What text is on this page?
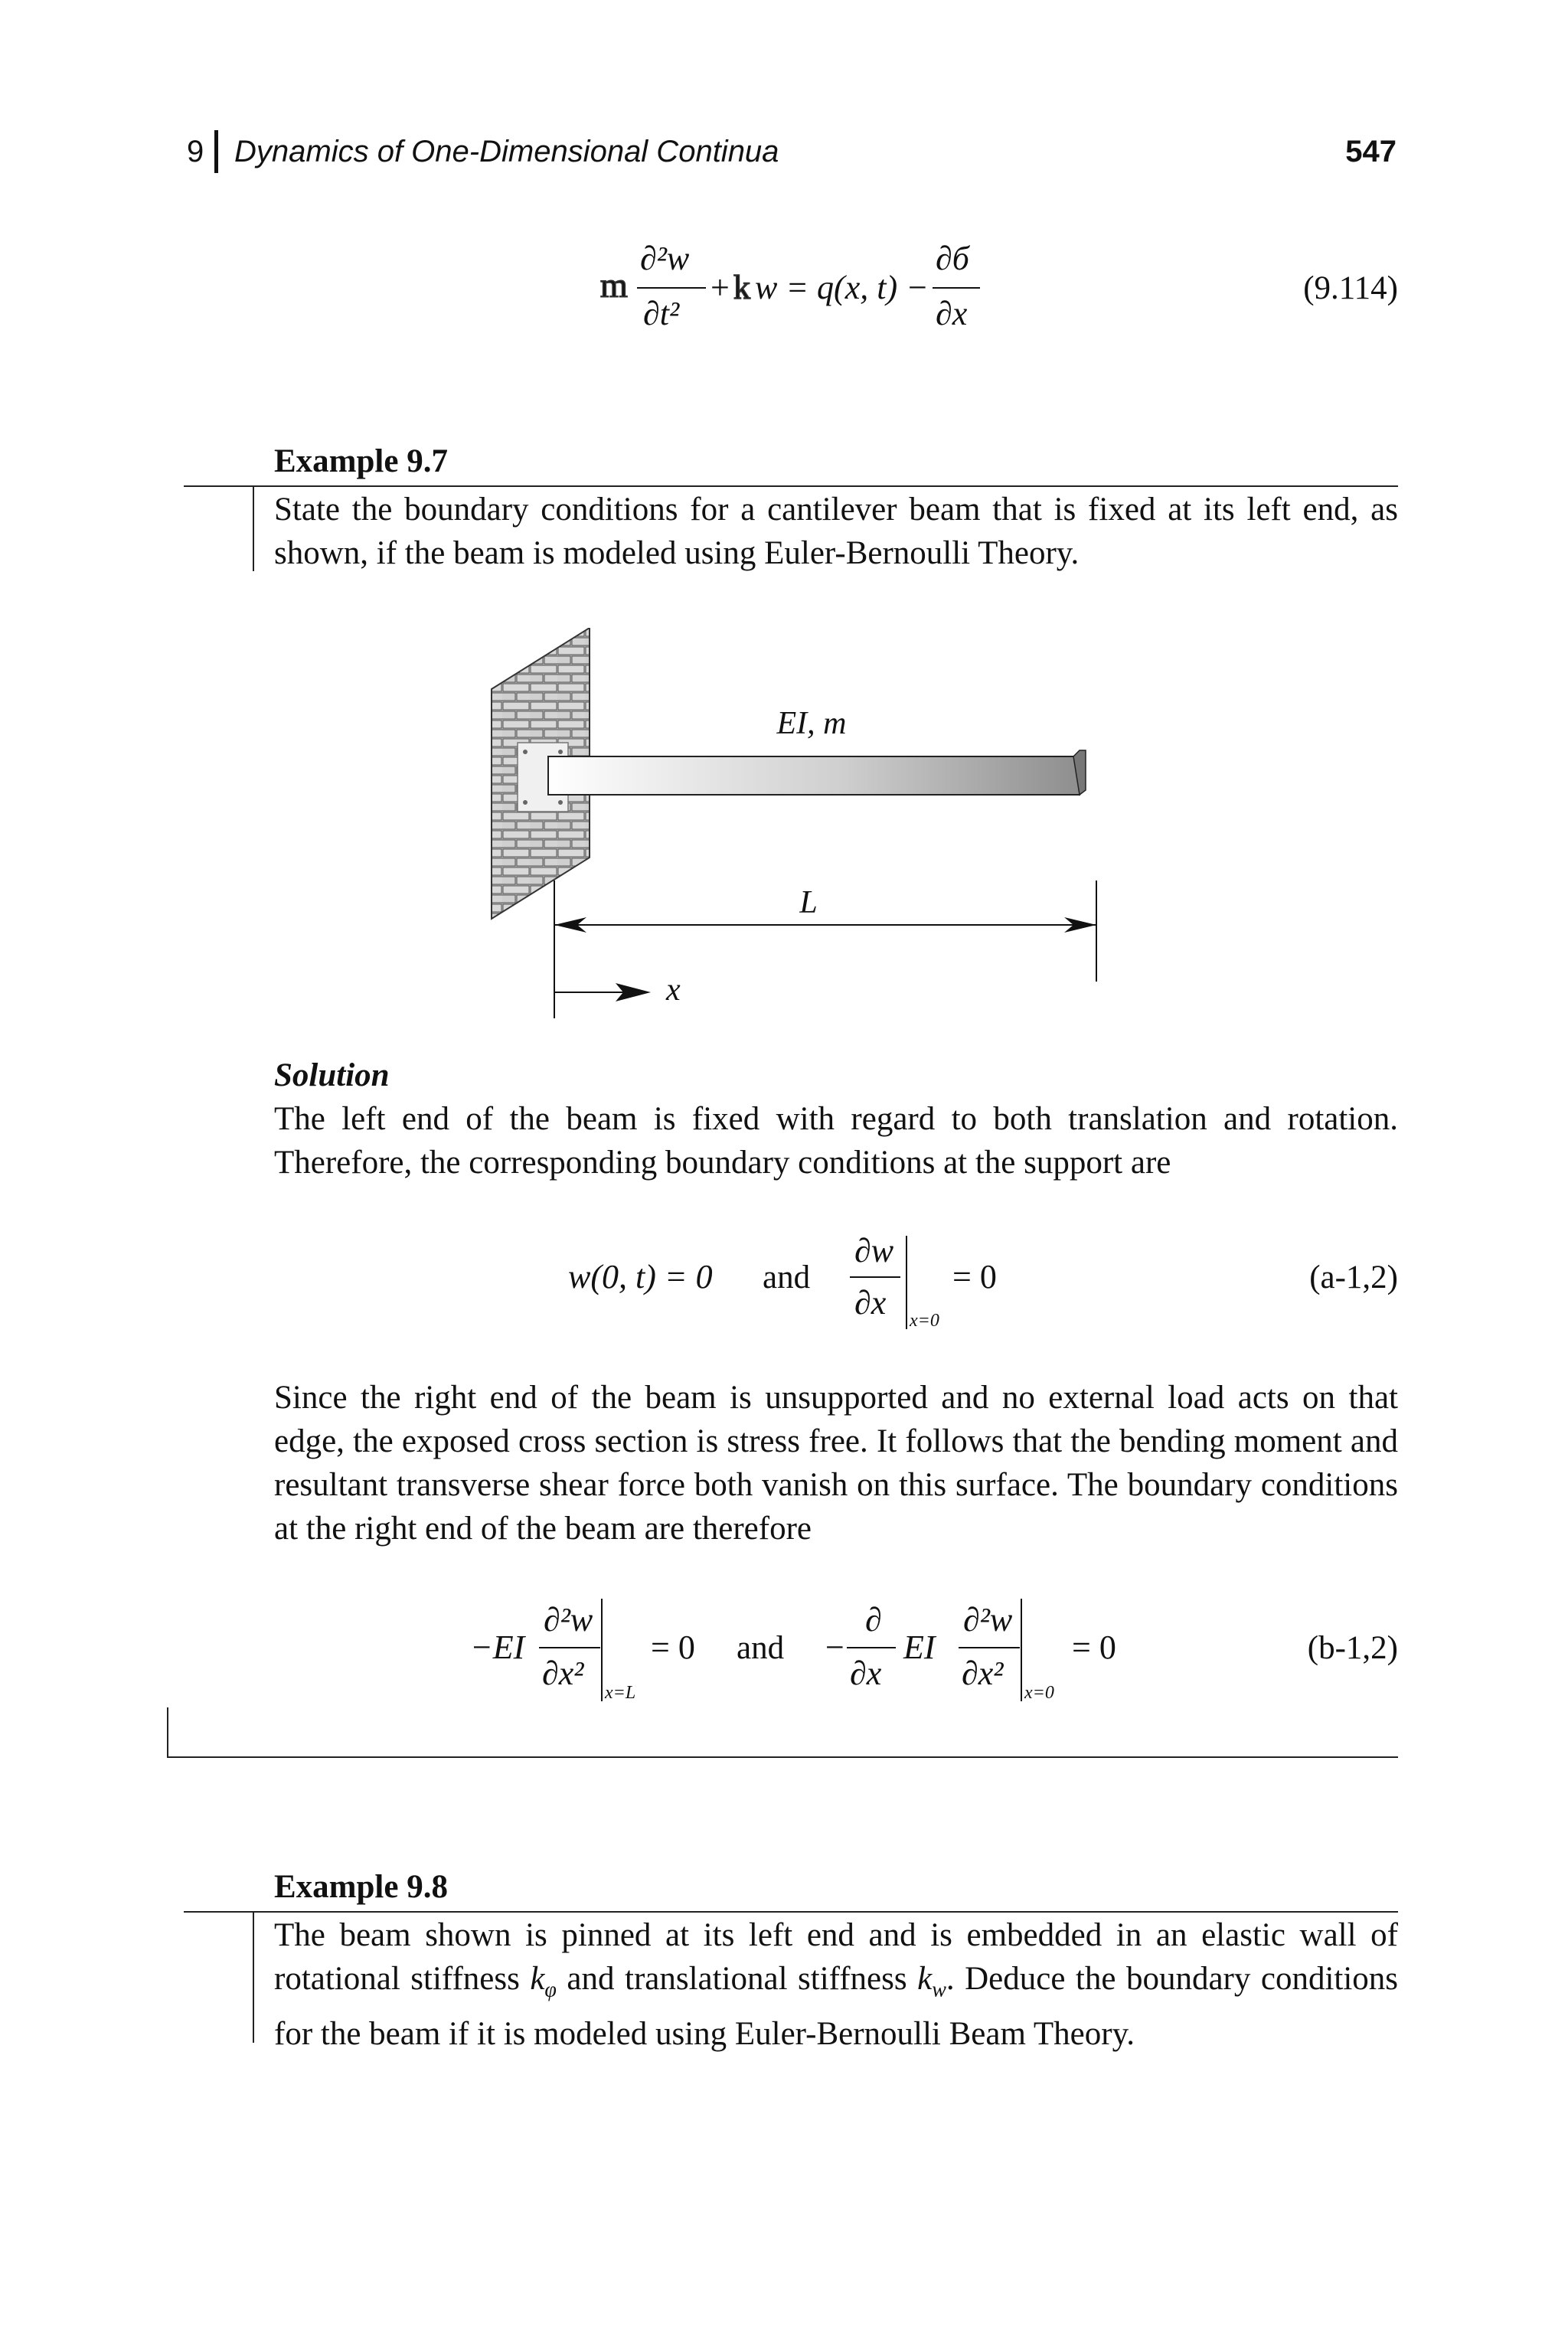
9 Dynamics of One-Dimensional Continua	547
m
∂²w
∂t²
+ k w = q(x, t) −
∂б
∂x
(9.114)
Example 9.7
State the boundary conditions for a cantilever beam that is fixed at its left end, as shown, if the beam is modeled using Euler-Bernoulli Theory.
EI, m
L
x
Solution
The left end of the beam is fixed with regard to both translation and rotation. Therefore, the corresponding boundary conditions at the support are
w(0, t) = 0 and
∂w
∂x x=0
= 0	(a-1,2)
Since the right end of the beam is unsupported and no external load acts on that edge, the exposed cross section is stress free. It follows that the bending moment and resultant transverse shear force both vanish on this surface. The boundary conditions at the right end of the beam are therefore
−EI
∂²w
∂x²
x=L
= 0 and −
∂
∂x
EI
∂²w
∂x²
x=0
= 0	(b-1,2)
Example 9.8
The beam shown is pinned at its left end and is embedded in an elastic wall of rotational stiffness $k_\varphi$ and translational stiffness $k_w$. Deduce the boundary conditions for the beam if it is modeled using Euler-Bernoulli Beam Theory.
